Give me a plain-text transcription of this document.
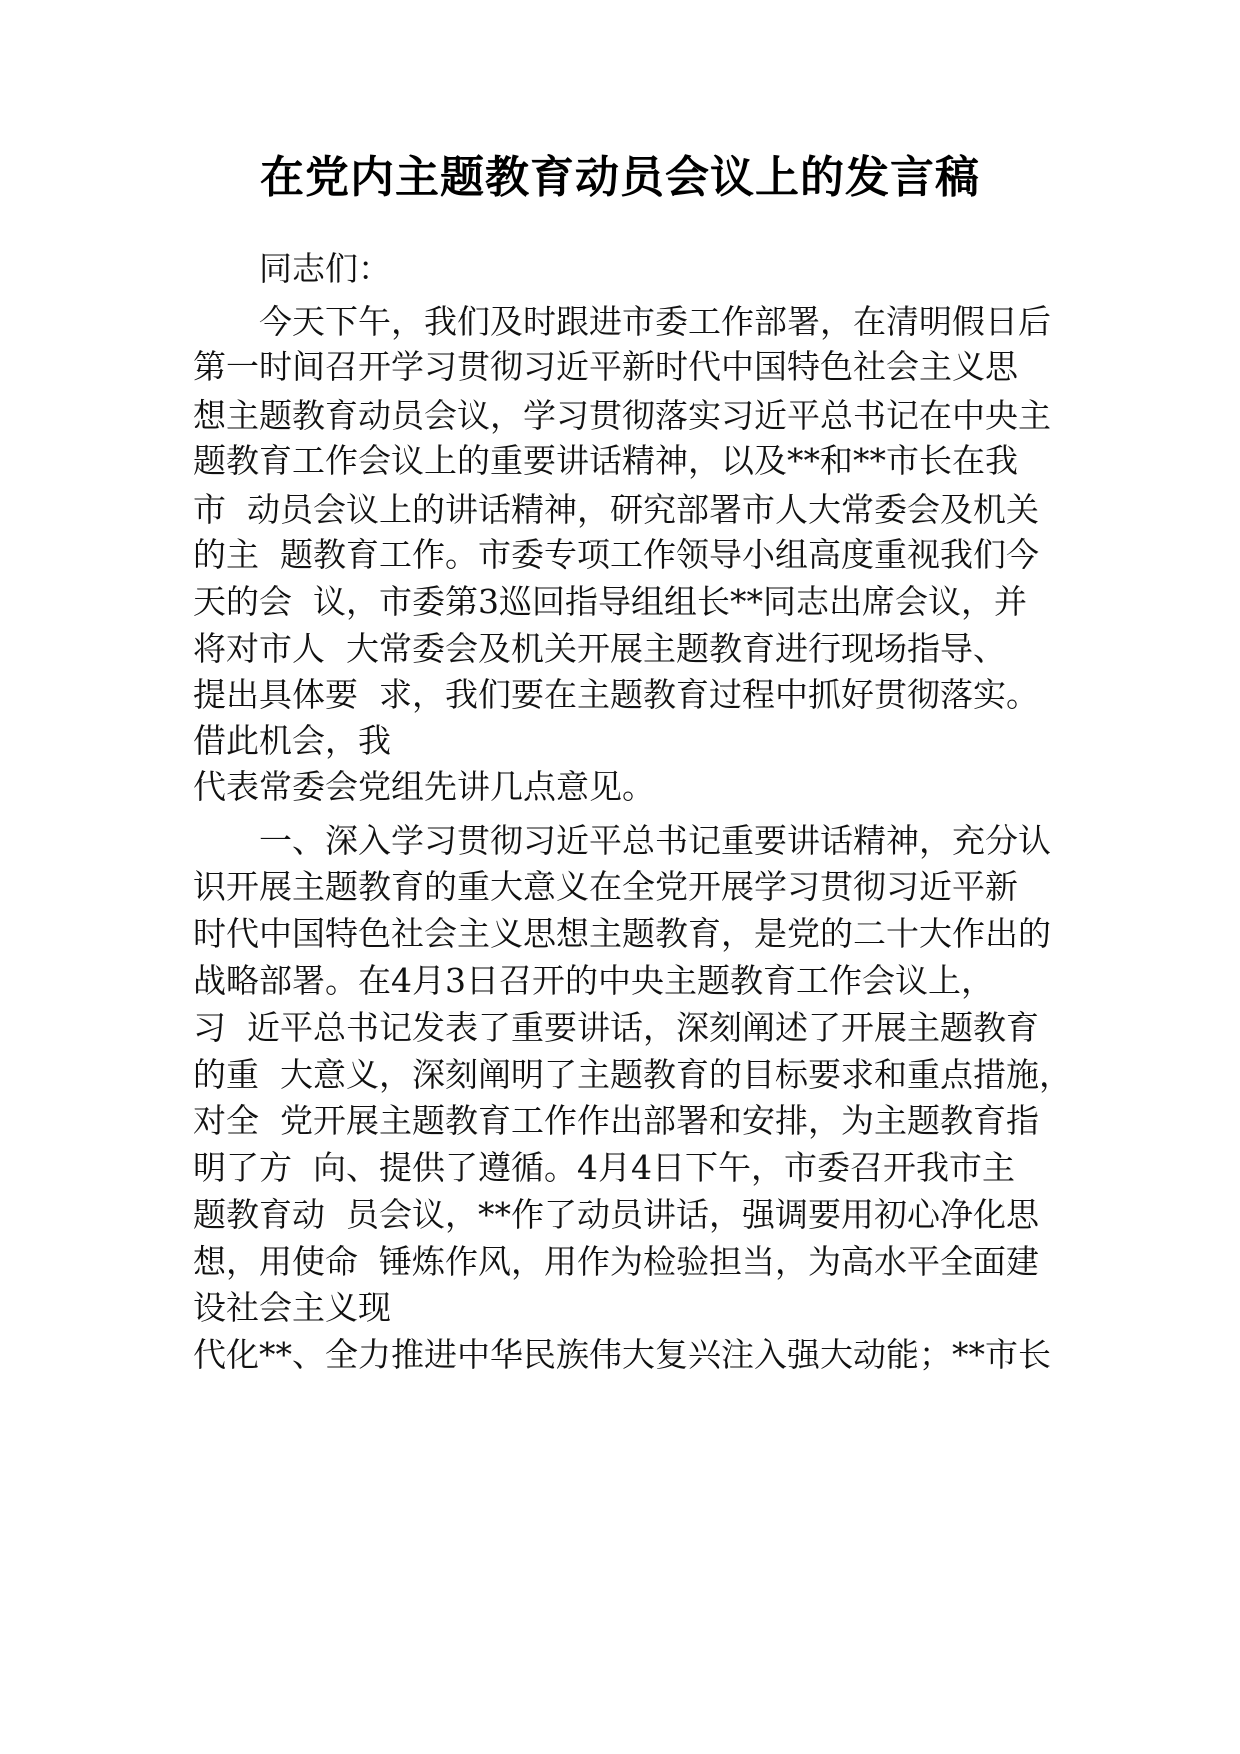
在党内主题教育动员会议上的发言稿
　　同志们：
　　今天下午，我们及时跟进市委工作部署，在清明假日后
第一时间召开学习贯彻习近平新时代中国特色社会主义思
想主题教育动员会议，学习贯彻落实习近平总书记在中央主
题教育工作会议上的重要讲话精神，以及**和**市长在我
市  动员会议上的讲话精神，研究部署市人大常委会及机关
的主  题教育工作。市委专项工作领导小组高度重视我们今
天的会  议，市委第3巡回指导组组长**同志出席会议，并
将对市人  大常委会及机关开展主题教育进行现场指导、
提出具体要  求，我们要在主题教育过程中抓好贯彻落实。
借此机会，我
代表常委会党组先讲几点意见。
　　一、深入学习贯彻习近平总书记重要讲话精神，充分认
识开展主题教育的重大意义在全党开展学习贯彻习近平新
时代中国特色社会主义思想主题教育，是党的二十大作出的
战略部署。在4月3日召开的中央主题教育工作会议上，
习  近平总书记发表了重要讲话，深刻阐述了开展主题教育
的重  大意义，深刻阐明了主题教育的目标要求和重点措施，
对全  党开展主题教育工作作出部署和安排，为主题教育指
明了方  向、提供了遵循。4月4日下午，市委召开我市主
题教育动  员会议，**作了动员讲话，强调要用初心净化思
想，用使命  锤炼作风，用作为检验担当，为高水平全面建
设社会主义现
代化**、全力推进中华民族伟大复兴注入强大动能；**市长
